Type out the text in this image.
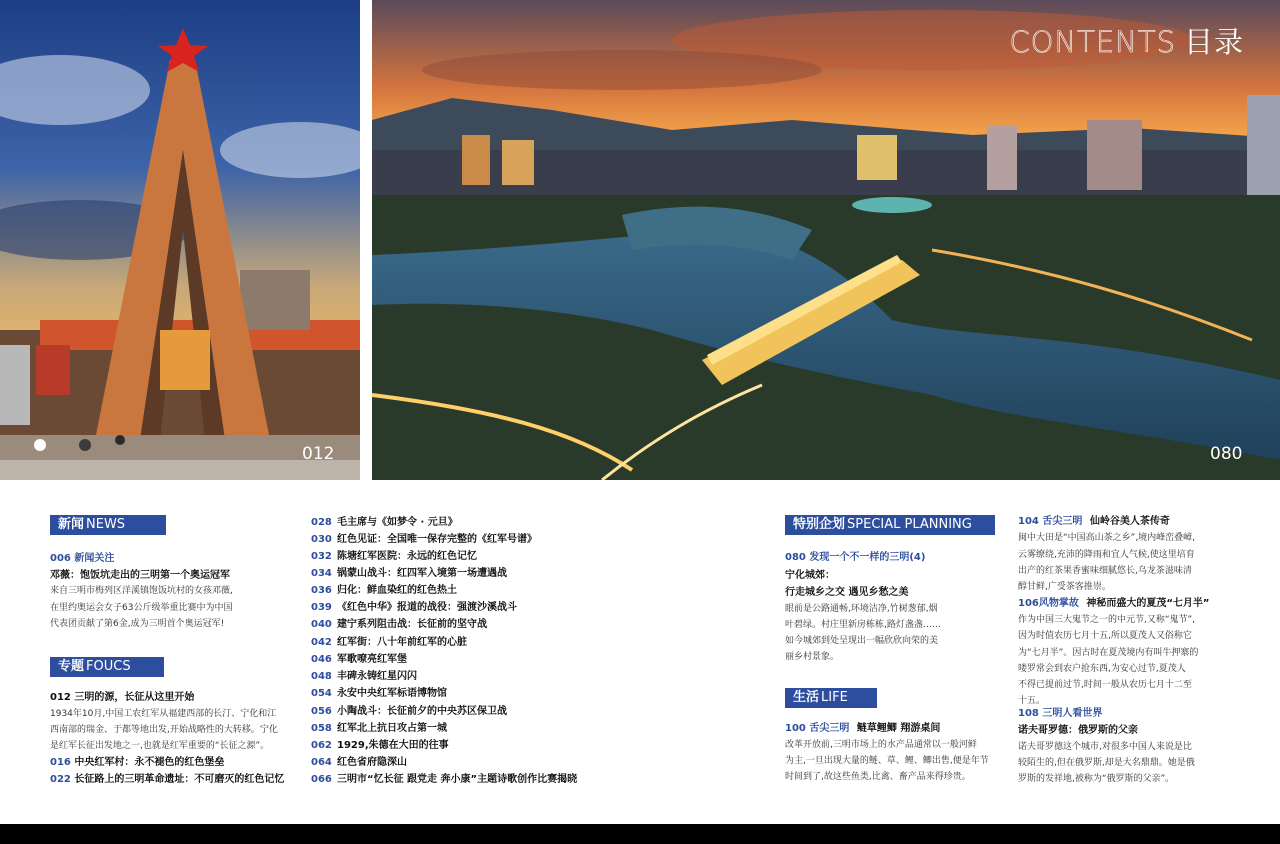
012
CONTENTS 目录
080
新闻 NEWS
006 新闻关注
邓薇：饱饭坑走出的三明第一个奥运冠军
来自三明市梅列区洋溪镇饱饭坑村的女孩邓薇,
在里约奥运会女子63公斤级举重比赛中为中国
代表团贡献了第6金,成为三明首个奥运冠军!
专题 FOUCS
012 三明的源，长征从这里开始
1934年10月,中国工农红军从福建西部的长汀、宁化和江
西南部的瑞金、于都等地出发,开始战略性的大转移。宁化
是红军长征出发地之一,也就是红军重要的“长征之源”。
016 中央红军村：永不褪色的红色堡垒
022 长征路上的三明革命遗址：不可磨灭的红色记忆
028 毛主席与《如梦令 · 元旦》
030 红色见证：全国唯一保存完整的《红军号谱》
032 陈塘红军医院：永远的红色记忆
034 锅蒙山战斗：红四军入境第一场遭遇战
036 归化：鲜血染红的红色热土
039 《红色中华》报道的战役：强渡沙溪战斗
040 建宁系列阻击战：长征前的坚守战
042 红军街：八十年前红军的心脏
046 军歌嘹亮红军堡
048 丰碑永铸红星闪闪
054 永安中央红军标语博物馆
056 小陶战斗：长征前夕的中央苏区保卫战
058 红军北上抗日攻占第一城
062 1929,朱德在大田的往事
064 红色省府隐深山
066 三明市“忆长征 跟党走 奔小康”主题诗歌创作比赛揭晓
特别企划 SPECIAL PLANNING
080 发现一个不一样的三明(4)
宁化城郊：
行走城乡之交 遇见乡愁之美
眼前是公路通畅,环境洁净,竹树葱郁,烟
叶碧绿。村庄里新房栋栋,路灯盏盏……
如今城郊到处呈现出一幅欣欣向荣的美
丽乡村景象。
生活 LIFE
100 舌尖三明 鲢草鲤鲫 翔游桌间
改革开放前,三明市场上的水产品通常以一般河鲜
为主,一旦出现大量的鲢、草、鲤、鲫出售,便是年节
时间到了,故这些鱼类,比禽、畜产品来得珍贵。
104 舌尖三明 仙岭谷美人茶传奇
闽中大田是“中国高山茶之乡”,境内峰峦叠嶂,
云雾缭绕,充沛的降雨和宜人气候,使这里培育
出产的红茶果香蜜味细腻悠长,乌龙茶滋味清
醇甘鲜,广受茶客推崇。
106风物掌故 神秘而盛大的夏茂“七月半”
作为中国三大鬼节之一的中元节,又称“鬼节”,
因为时值农历七月十五,所以夏茂人又俗称它
为“七月半”。因古时在夏茂境内有叫牛押寨的
喽罗常会到农户抢东西,为安心过节,夏茂人
不得已提前过节,时间一般从农历七月十二至
十五。
108 三明人看世界
诺夫哥罗德：俄罗斯的父亲
诺夫哥罗德这个城市,对很多中国人来说是比
较陌生的,但在俄罗斯,却是大名鼎鼎。她是俄
罗斯的发祥地,被称为“俄罗斯的父亲”。
